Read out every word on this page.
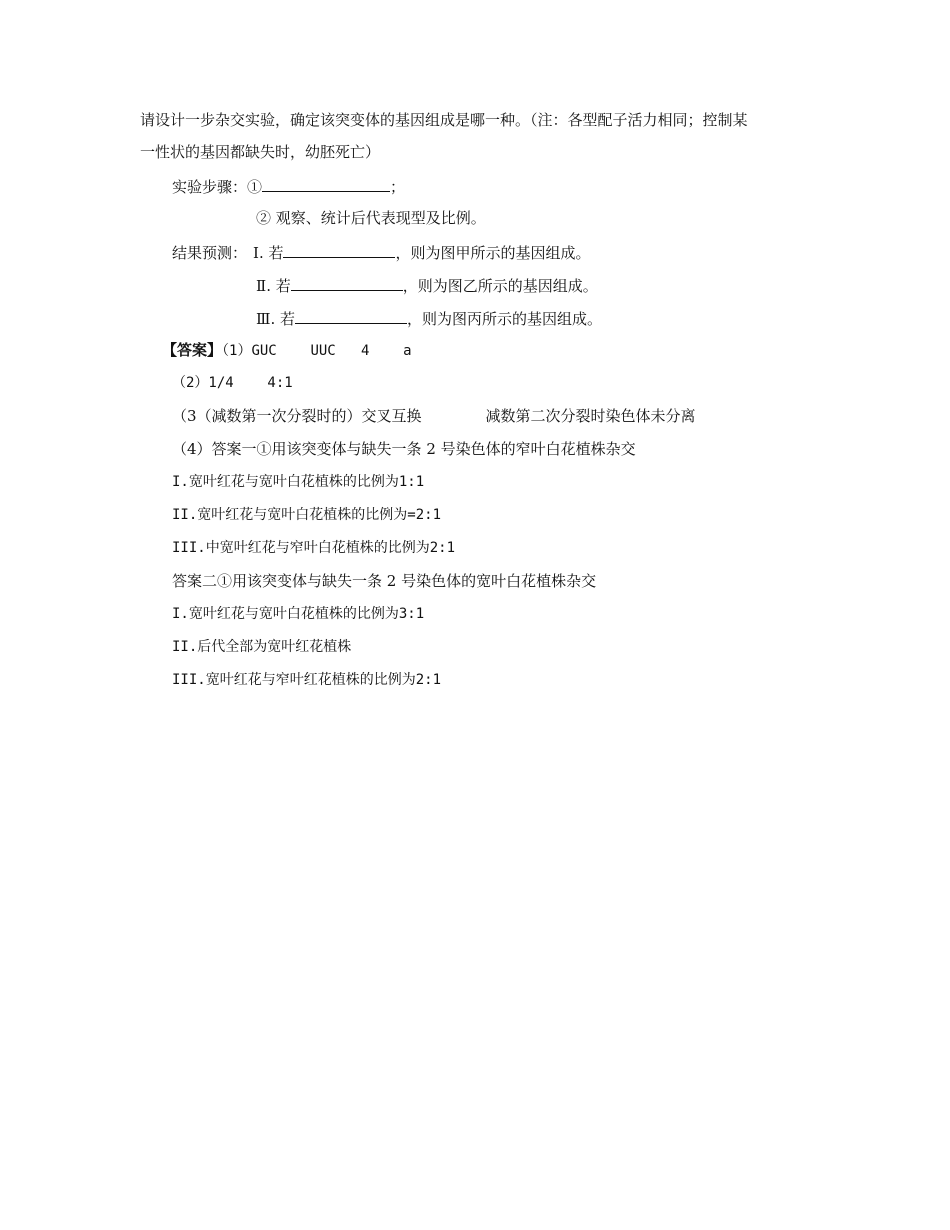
请设计一步杂交实验，确定该突变体的基因组成是哪一种。（注：各型配子活力相同；控制某
一性状的基因都缺失时，幼胚死亡）
实验步骤：①	；
② 观察、统计后代表现型及比例。
结果预测： Ⅰ. 若	，则为图甲所示的基因组成。
Ⅱ. 若	，则为图乙所示的基因组成。
Ⅲ. 若	，则为图丙所示的基因组成。
【答案】（1）GUC    UUC   4    a
（2）1/4    4:1
（3（减数第一次分裂时的）交叉互换	减数第二次分裂时染色体未分离
（4）答案一①用该突变体与缺失一条 2 号染色体的窄叶白花植株杂交
I.宽叶红花与宽叶白花植株的比例为1:1
II.宽叶红花与宽叶白花植株的比例为=2:1
III.中宽叶红花与窄叶白花植株的比例为2:1
答案二①用该突变体与缺失一条 2 号染色体的宽叶白花植株杂交
I.宽叶红花与宽叶白花植株的比例为3:1
II.后代全部为宽叶红花植株
III.宽叶红花与窄叶红花植株的比例为2:1
